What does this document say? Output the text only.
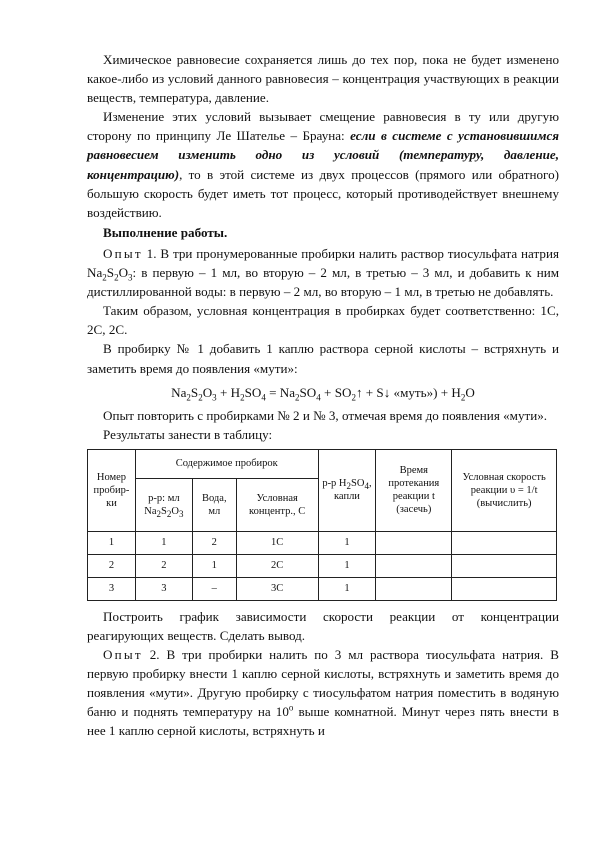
Химическое равновесие сохраняется лишь до тех пор, пока не будет изменено какое-либо из условий данного равновесия – концентрация участвующих в реакции веществ, температура, давление.

Изменение этих условий вызывает смещение равновесия в ту или другую сторону по принципу Ле Шателье – Брауна: если в системе с установившимся равновесием изменить одно из условий (температуру, давление, концентрацию), то в этой системе из двух процессов (прямого или обратного) большую скорость будет иметь тот процесс, который противодействует внешнему воздействию.

Выполнение работы.

Опыт 1. В три пронумерованные пробирки налить раствор тиосульфата натрия $Na_2S_2O_3$: в первую – 1 мл, во вторую – 2 мл, в третью – 3 мл, и добавить к ним дистиллированной воды: в первую – 2 мл, во вторую – 1 мл, в третью не добавлять.

Таким образом, условная концентрация в пробирках будет соответственно: 1С, 2С, 2С.

В пробирку № 1 добавить 1 каплю раствора серной кислоты – встряхнуть и заметить время до появления «мути»:

$Na_2S_2O_3 + H_2SO_4 = Na_2SO_4$ + $SO_2↑$ + S↓ «муть») + $H_2O$

Опыт повторить с пробирками № 2 и № 3, отмечая время до появления «мути».

Результаты занести в таблицу:

Номер пробир-ки	Содержимое пробирок			р-р $H_2SO_4$, капли	Время протекания реакции t (засечь)	Условная скорость реакции υ = 1/t (вычислить)
	р-р: мл $Na_2S_2O_3$	Вода, мл	Условная концентр., С			
1	1	2	1С	1		
2	2	1	2С	1		
3	3	–	3С	1		

Построить график зависимости скорости реакции от концентрации реагирующих веществ. Сделать вывод.

Опыт 2. В три пробирки налить по 3 мл раствора тиосульфата натрия. В первую пробирку внести 1 каплю серной кислоты, встряхнуть и заметить время до появления «мути». Другую пробирку с тиосульфатом натрия поместить в водяную баню и поднять температуру на $10^о$ выше комнатной. Минут через пять внести в нее 1 каплю серной кислоты, встряхнуть и
